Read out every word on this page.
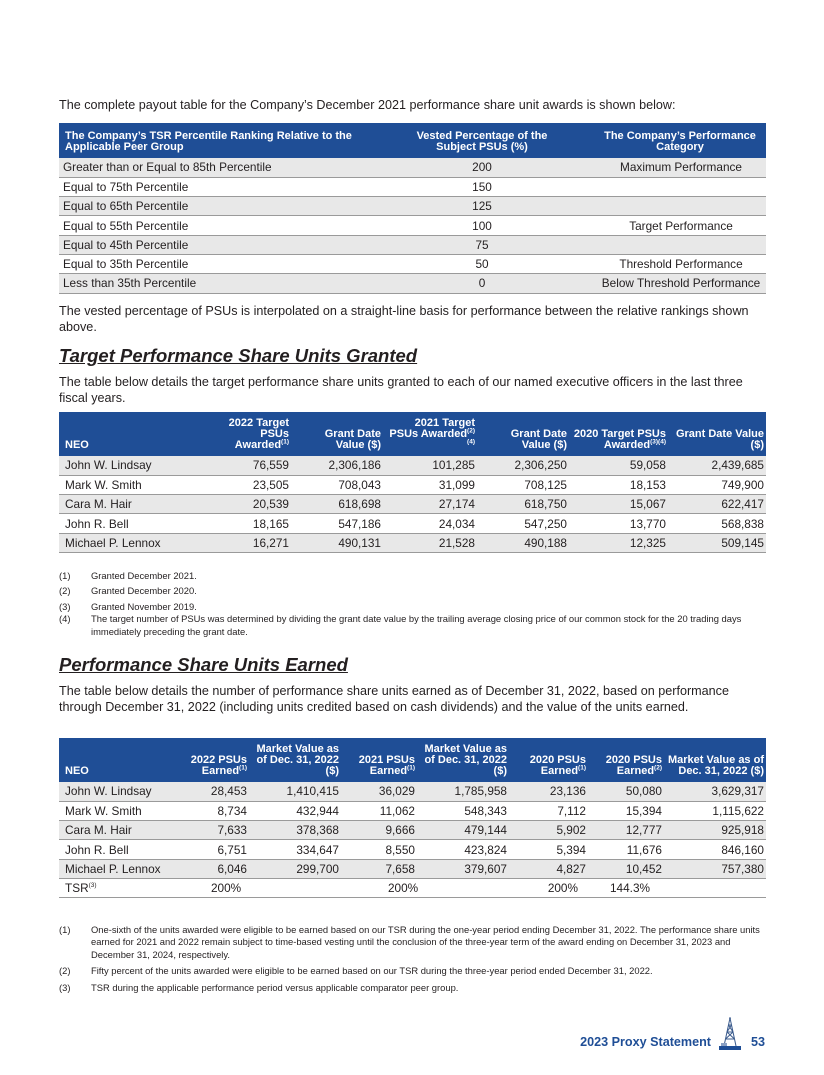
The complete payout table for the Company’s December 2021 performance share unit awards is shown below:

The Company’s TSR Percentile Ranking Relative to the Applicable Peer Group	Vested Percentage of the Subject PSUs (%)	The Company’s Performance Category
Greater than or Equal to 85th Percentile	200	Maximum Performance
Equal to 75th Percentile	150	
Equal to 65th Percentile	125	
Equal to 55th Percentile	100	Target Performance
Equal to 45th Percentile	75	
Equal to 35th Percentile	50	Threshold Performance
Less than 35th Percentile	0	Below Threshold Performance

The vested percentage of PSUs is interpolated on a straight-line basis for performance between the relative rankings shown above.

Target Performance Share Units Granted

The table below details the target performance share units granted to each of our named executive officers in the last three fiscal years.

NEO	2022 Target PSUs Awarded$^{(1)}$	Grant Date Value ($)	2021 Target PSUs Awarded$^{(2)(4)}$	Grant Date Value ($)	2020 Target PSUs Awarded$^{(3)(4)}$	Grant Date Value ($)
John W. Lindsay	76,559	2,306,186	101,285	2,306,250	59,058	2,439,685
Mark W. Smith	23,505	708,043	31,099	708,125	18,153	749,900
Cara M. Hair	20,539	618,698	27,174	618,750	15,067	622,417
John R. Bell	18,165	547,186	24,034	547,250	13,770	568,838
Michael P. Lennox	16,271	490,131	21,528	490,188	12,325	509,145
(1)	Granted December 2021.
(2)	Granted December 2020.
(3)	Granted November 2019.
(4)	The target number of PSUs was determined by dividing the grant date value by the trailing average closing price of our common stock for the 20 trading days immediately preceding the grant date.
Performance Share Units Earned

The table below details the number of performance share units earned as of December 31, 2022, based on performance through December 31, 2022 (including units credited based on cash dividends) and the value of the units earned.

NEO	2022 PSUs Earned$^{(1)}$	Market Value as of Dec. 31, 2022 ($)	2021 PSUs Earned$^{(1)}$	Market Value as of Dec. 31, 2022 ($)	2020 PSUs Earned$^{(1)}$	2020 PSUs Earned$^{(2)}$	Market Value as of Dec. 31, 2022 ($)
John W. Lindsay	28,453	1,410,415	36,029	1,785,958	23,136	50,080	3,629,317
Mark W. Smith	8,734	432,944	11,062	548,343	7,112	15,394	1,115,622
Cara M. Hair	7,633	378,368	9,666	479,144	5,902	12,777	925,918
John R. Bell	6,751	334,647	8,550	423,824	5,394	11,676	846,160
Michael P. Lennox	6,046	299,700	7,658	379,607	4,827	10,452	757,380
TSR$^{(3)}$	200%		200%		200%	144.3%	
(1)	One-sixth of the units awarded were eligible to be earned based on our TSR during the one-year period ending December 31, 2022. The performance share units earned for 2021 and 2022 remain subject to time-based vesting until the conclusion of the three-year term of the award ending on December 31, 2023 and December 31, 2024, respectively.
(2)	Fifty percent of the units awarded were eligible to be earned based on our TSR during the three-year period ended December 31, 2022.
(3)	TSR during the applicable performance period versus applicable comparator peer group.
2023 Proxy Statement	53
